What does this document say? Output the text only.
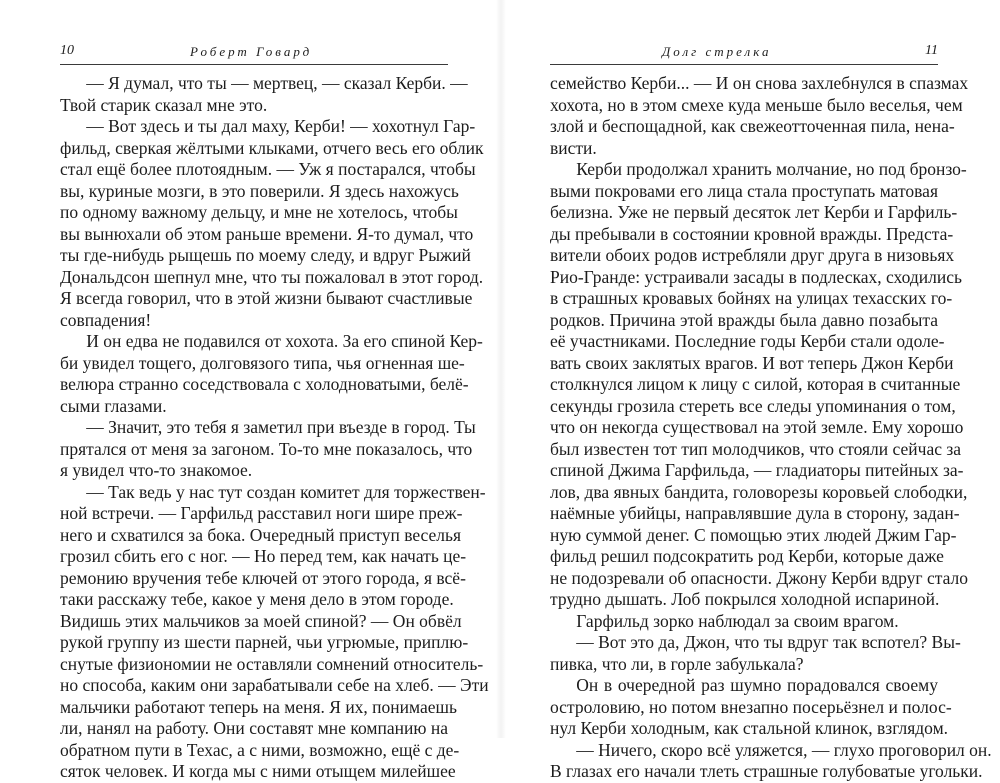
10	Роберт Говард
— Я думал, что ты — мертвец, — сказал Керби. —
Твой старик сказал мне это.
— Вот здесь и ты дал маху, Керби! — хохотнул Гар-
фильд, сверкая жёлтыми клыками, отчего весь его облик
стал ещё более плотоядным. — Уж я постарался, чтобы
вы, куриные мозги, в это поверили. Я здесь нахожусь
по одному важному дельцу, и мне не хотелось, чтобы
вы вынюхали об этом раньше времени. Я-то думал, что
ты где-нибудь рыщешь по моему следу, и вдруг Рыжий
Дональдсон шепнул мне, что ты пожаловал в этот город.
Я всегда говорил, что в этой жизни бывают счастливые
совпадения!
И он едва не подавился от хохота. За его спиной Кер-
би увидел тощего, долговязого типа, чья огненная ше-
велюра странно соседствовала с холодноватыми, белё-
сыми глазами.
— Значит, это тебя я заметил при въезде в город. Ты
прятался от меня за загоном. То-то мне показалось, что
я увидел что-то знакомое.
— Так ведь у нас тут создан комитет для торжествен-
ной встречи. — Гарфильд расставил ноги шире преж-
него и схватился за бока. Очередный приступ веселья
грозил сбить его с ног. — Но перед тем, как начать це-
ремонию вручения тебе ключей от этого города, я всё-
таки расскажу тебе, какое у меня дело в этом городе.
Видишь этих мальчиков за моей спиной? — Он обвёл
рукой группу из шести парней, чьи угрюмые, приплю-
снутые физиономии не оставляли сомнений относитель-
но способа, каким они зарабатывали себе на хлеб. — Эти
мальчики работают теперь на меня. Я их, понимаешь
ли, нанял на работу. Они составят мне компанию на
обратном пути в Техас, а с ними, возможно, ещё с де-
сяток человек. И когда мы с ними отыщем милейшее
11
Долг стрелка
семейство Керби... — И он снова захлебнулся в спазмах
хохота, но в этом смехе куда меньше было веселья, чем
злой и беспощадной, как свежеотточенная пила, нена-
висти.
Керби продолжал хранить молчание, но под бронзо-
выми покровами его лица стала проступать матовая
белизна. Уже не первый десяток лет Керби и Гарфиль-
ды пребывали в состоянии кровной вражды. Предста-
вители обоих родов истребляли друг друга в низовьях
Рио-Гранде: устраивали засады в подлесках, сходились
в страшных кровавых бойнях на улицах техасских го-
родков. Причина этой вражды была давно позабыта
её участниками. Последние годы Керби стали одоле-
вать своих заклятых врагов. И вот теперь Джон Керби
столкнулся лицом к лицу с силой, которая в считанные
секунды грозила стереть все следы упоминания о том,
что он некогда существовал на этой земле. Ему хорошо
был известен тот тип молодчиков, что стояли сейчас за
спиной Джима Гарфильда, — гладиаторы питейных за-
лов, два явных бандита, головорезы коровьей слободки,
наёмные убийцы, направлявшие дула в сторону, задан-
ную суммой денег. С помощью этих людей Джим Гар-
фильд решил подсократить род Керби, которые даже
не подозревали об опасности. Джону Керби вдруг стало
трудно дышать. Лоб покрылся холодной испариной.
Гарфильд зорко наблюдал за своим врагом.
— Вот это да, Джон, что ты вдруг так вспотел? Вы-
пивка, что ли, в горле забулькала?
Он в очередной раз шумно порадовался своему
остроловию, но потом внезапно посерьёзнел и полос-
нул Керби холодным, как стальной клинок, взглядом.
— Ничего, скоро всё уляжется, — глухо проговорил он.
В глазах его начали тлеть страшные голубоватые угольки.
